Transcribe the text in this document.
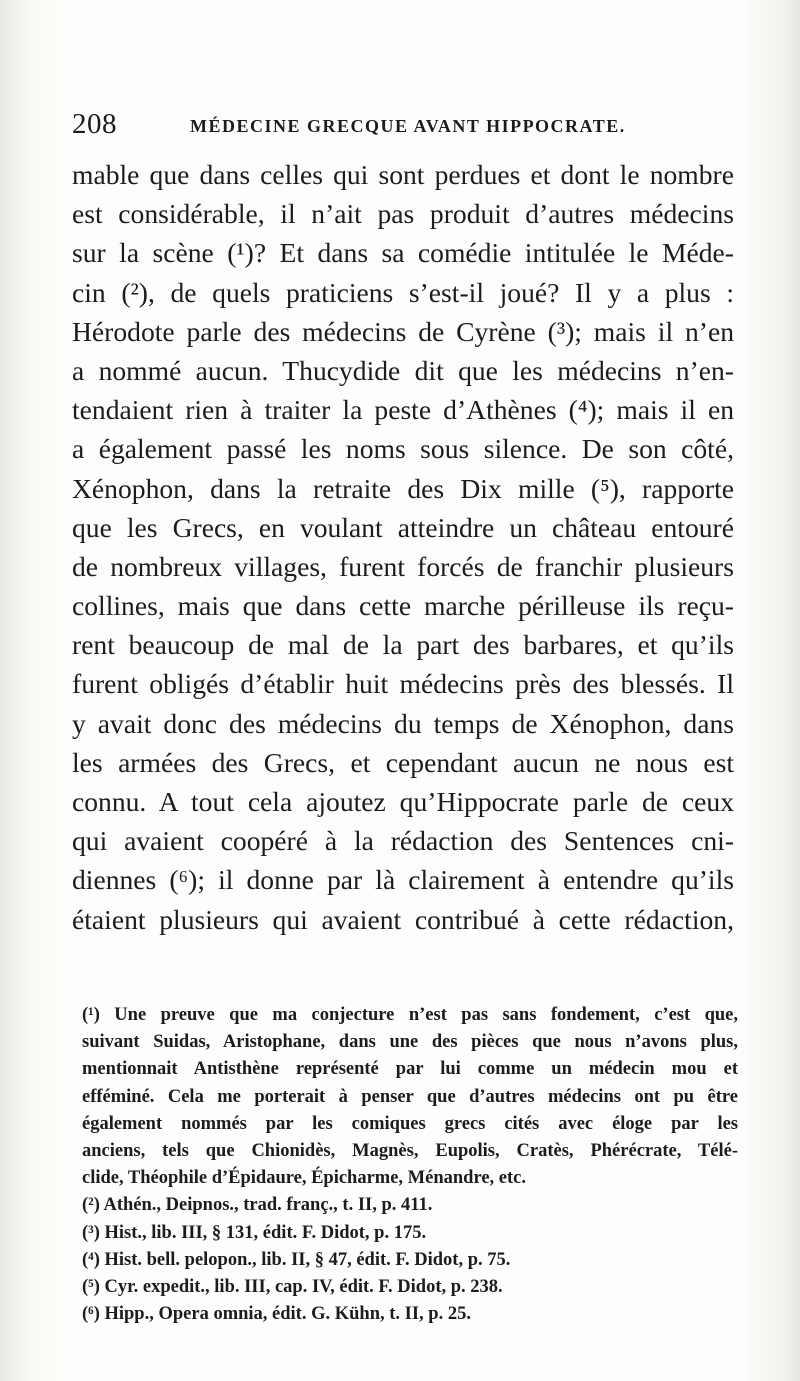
208	MÉDECINE GRECQUE AVANT HIPPOCRATE.
mable que dans celles qui sont perdues et dont le nombre
est considérable, il n’ait pas produit d’autres médecins
sur la scène (¹)? Et dans sa comédie intitulée le Méde-
cin (²), de quels praticiens s’est-il joué? Il y a plus :
Hérodote parle des médecins de Cyrène (³); mais il n’en
a nommé aucun. Thucydide dit que les médecins n’en-
tendaient rien à traiter la peste d’Athènes (⁴); mais il en
a également passé les noms sous silence. De son côté,
Xénophon, dans la retraite des Dix mille (⁵), rapporte
que les Grecs, en voulant atteindre un château entouré
de nombreux villages, furent forcés de franchir plusieurs
collines, mais que dans cette marche périlleuse ils reçu-
rent beaucoup de mal de la part des barbares, et qu’ils
furent obligés d’établir huit médecins près des blessés. Il
y avait donc des médecins du temps de Xénophon, dans
les armées des Grecs, et cependant aucun ne nous est
connu. A tout cela ajoutez qu’Hippocrate parle de ceux
qui avaient coopéré à la rédaction des Sentences cni-
diennes (⁶); il donne par là clairement à entendre qu’ils
étaient plusieurs qui avaient contribué à cette rédaction,
(¹) Une preuve que ma conjecture n’est pas sans fondement, c’est que,
suivant Suidas, Aristophane, dans une des pièces que nous n’avons plus,
mentionnait Antisthène représenté par lui comme un médecin mou et
efféminé. Cela me porterait à penser que d’autres médecins ont pu être
également nommés par les comiques grecs cités avec éloge par les
anciens, tels que Chionidès, Magnès, Eupolis, Cratès, Phérécrate, Télé-
clide, Théophile d’Épidaure, Épicharme, Ménandre, etc.
(²) Athén., Deipnos., trad. franç., t. II, p. 411.
(³) Hist., lib. III, § 131, édit. F. Didot, p. 175.
(⁴) Hist. bell. pelopon., lib. II, § 47, édit. F. Didot, p. 75.
(⁵) Cyr. expedit., lib. III, cap. IV, édit. F. Didot, p. 238.
(⁶) Hipp., Opera omnia, édit. G. Kühn, t. II, p. 25.
